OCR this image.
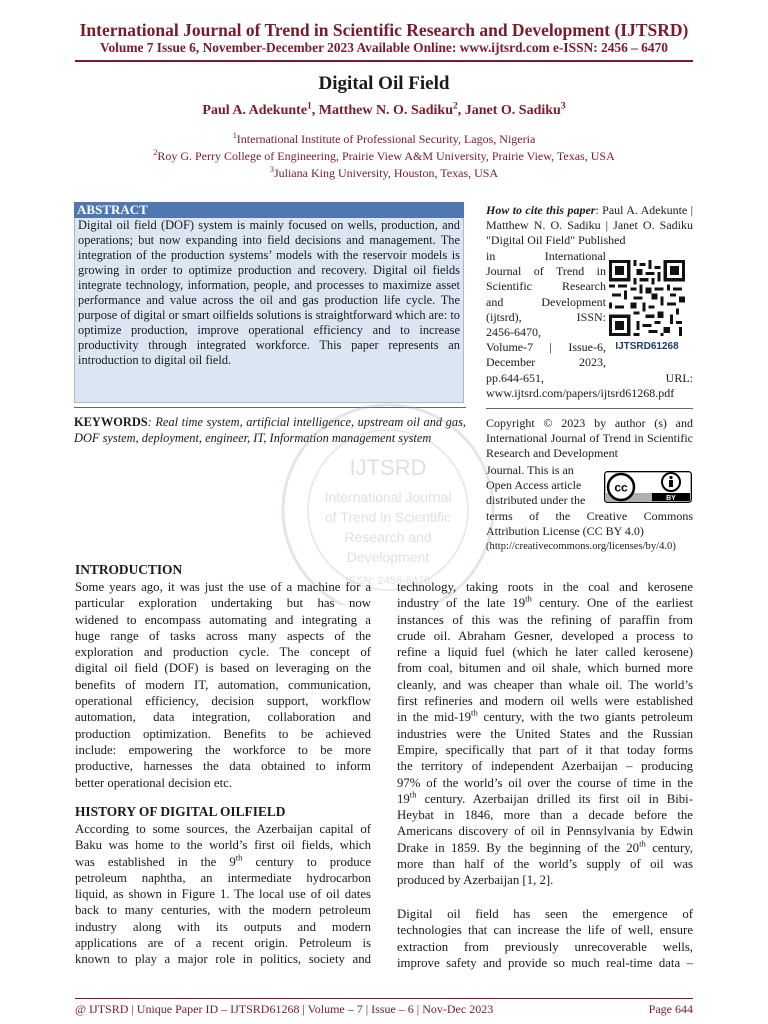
International Journal of Trend in Scientific Research and Development (IJTSRD)
Volume 7 Issue 6, November-December 2023 Available Online: www.ijtsrd.com e-ISSN: 2456 – 6470
Digital Oil Field
Paul A. Adekunte$^1$, Matthew N. O. Sadiku$^2$, Janet O. Sadiku$^3$
$^1$International Institute of Professional Security, Lagos, Nigeria
$^2$Roy G. Perry College of Engineering, Prairie View A&M University, Prairie View, Texas, USA
$^3$Juliana King University, Houston, Texas, USA
ABSTRACT

Digital oil field (DOF) system is mainly focused on wells, production, and operations; but now expanding into field decisions and management. The integration of the production systems’ models with the reservoir models is growing in order to optimize production and recovery. Digital oil fields integrate technology, information, people, and processes to maximize asset performance and value across the oil and gas production life cycle. The purpose of digital or smart oilfields solutions is straightforward which are: to optimize production, improve operational efficiency and to increase productivity through integrated workforce. This paper represents an introduction to digital oil field.

KEYWORDS: Real time system, artificial intelligence, upstream oil and gas, DOF system, deployment, engineer, IT, Information management system
How to cite this paper: Paul A. Adekunte | Matthew N. O. Sadiku | Janet O. Sadiku "Digital Oil Field" Published
in International
Journal of Trend in
Scientific Research
and Development
(ijtsrd), ISSN:
2456-6470,
Volume-7 | Issue-6,
December 2023,
pp.644-651,	URL:
www.ijtsrd.com/papers/ijtsrd61268.pdf
IJTSRD61268
Copyright © 2023 by author (s) and International Journal of Trend in Scientific Research and Development
Journal. This is an
Open Access article
distributed under the
cc
BY
terms of the Creative Commons Attribution License (CC BY 4.0)
(http://creativecommons.org/licenses/by/4.0)
IJTSRD
International Journal
of Trend in Scientific
Research and
Development
ISSN: 2456-6470
INTRODUCTION
Some years ago, it was just the use of a machine for a
particular exploration undertaking but has now
widened to encompass automating and integrating a
huge range of tasks across many aspects of the
exploration and production cycle. The concept of
digital oil field (DOF) is based on leveraging on the
benefits of modern IT, automation, communication,
operational efficiency, decision support, workflow
automation, data integration, collaboration and
production optimization. Benefits to be achieved
include: empowering the workforce to be more
productive, harnesses the data obtained to inform
better operational decision etc.
HISTORY OF DIGITAL OILFIELD
According to some sources, the Azerbaijan capital of
Baku was home to the world’s first oil fields, which
was established in the 9th century to produce
petroleum naphtha, an intermediate hydrocarbon
liquid, as shown in Figure 1. The local use of oil dates
back to many centuries, with the modern petroleum
industry along with its outputs and modern
applications are of a recent origin. Petroleum is
known to play a major role in politics, society and
technology, taking roots in the coal and kerosene
industry of the late 19th century. One of the earliest
instances of this was the refining of paraffin from
crude oil. Abraham Gesner, developed a process to
refine a liquid fuel (which he later called kerosene)
from coal, bitumen and oil shale, which burned more
cleanly, and was cheaper than whale oil. The world’s
first refineries and modern oil wells were established
in the mid-19th century, with the two giants petroleum
industries were the United States and the Russian
Empire, specifically that part of it that today forms
the territory of independent Azerbaijan – producing
97% of the world’s oil over the course of time in the
19th century. Azerbaijan drilled its first oil in Bibi-
Heybat in 1846, more than a decade before the
Americans discovery of oil in Pennsylvania by Edwin
Drake in 1859. By the beginning of the 20th century,
more than half of the world’s supply of oil was
produced by Azerbaijan [1, 2].
Digital oil field has seen the emergence of
technologies that can increase the life of well, ensure
extraction from previously unrecoverable wells,
improve safety and provide so much real-time data –
@ IJTSRD | Unique Paper ID – IJTSRD61268 | Volume – 7 | Issue – 6 | Nov-Dec 2023	Page 644
